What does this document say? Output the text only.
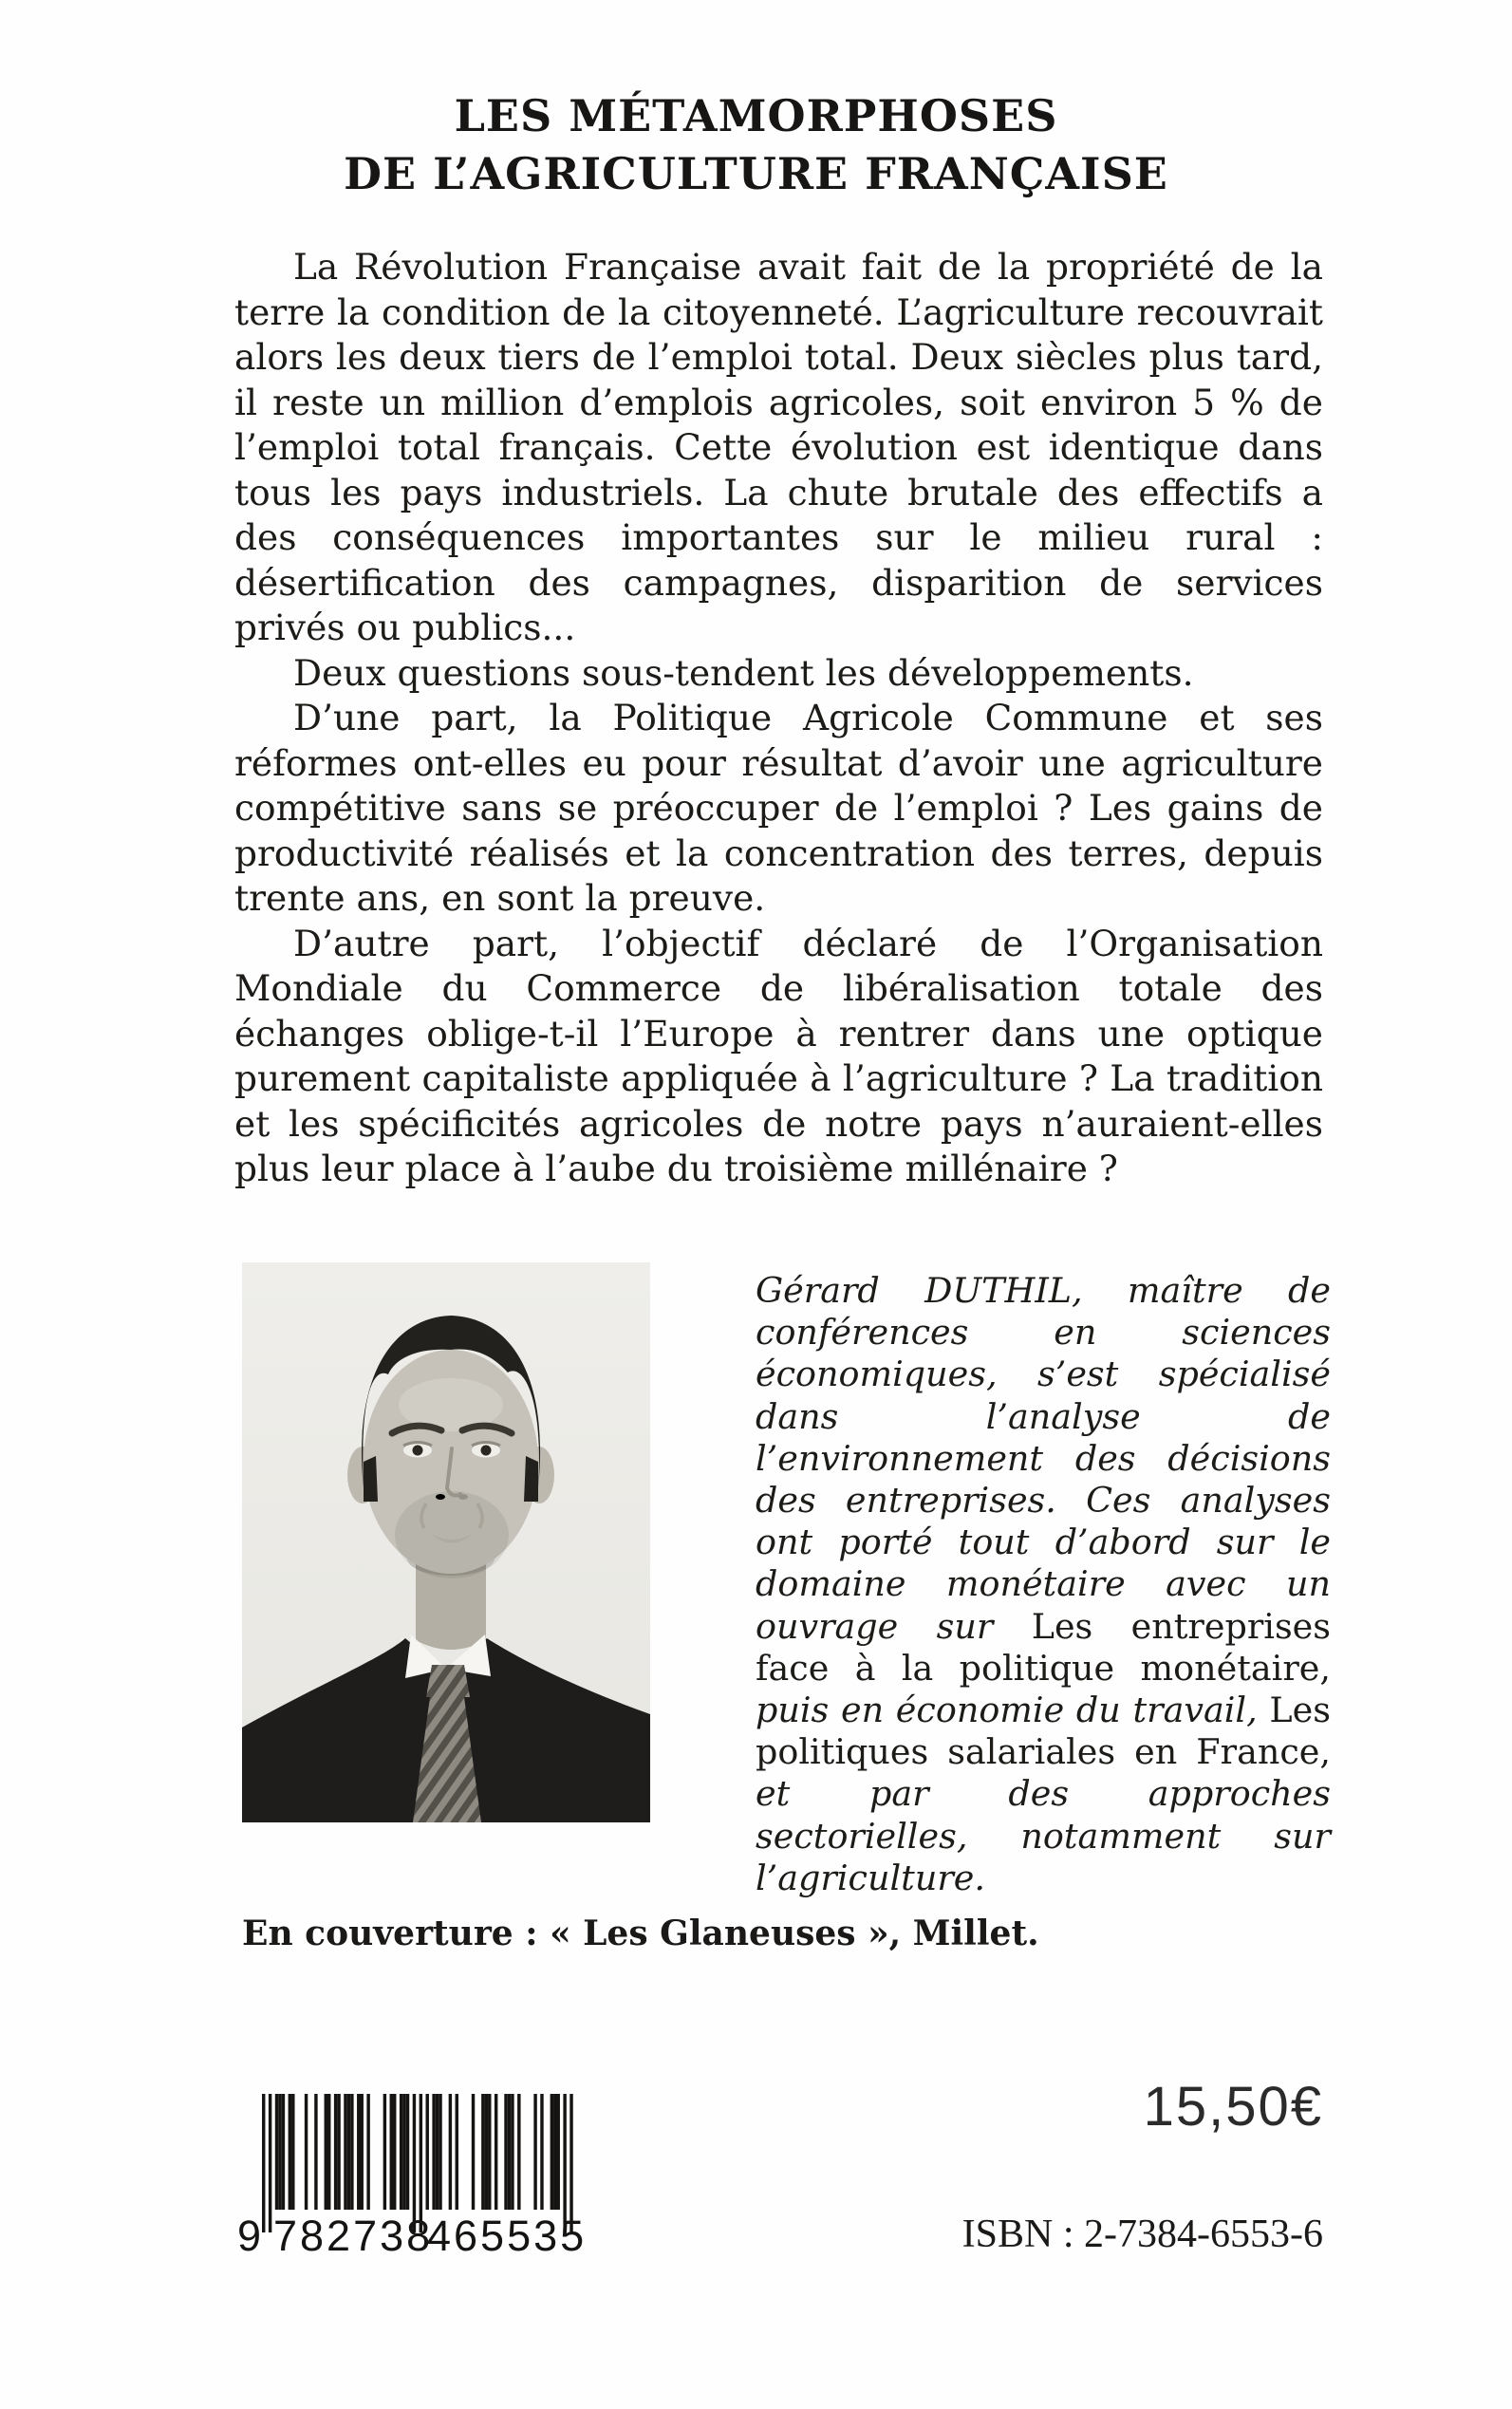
LES MÉTAMORPHOSES
DE L’AGRICULTURE FRANÇAISE

La Révolution Française avait fait de la propriété de la terre la condition de la citoyenneté. L’agriculture recouvrait alors les deux tiers de l’emploi total. Deux siècles plus tard, il reste un million d’emplois agricoles, soit environ 5 % de l’emploi total français. Cette évolution est identique dans tous les pays industriels. La chute brutale des effectifs a des conséquences importantes sur le milieu rural : désertification des campagnes, disparition de services privés ou publics...

Deux questions sous-tendent les développements.

D’une part, la Politique Agricole Commune et ses réformes ont-elles eu pour résultat d’avoir une agriculture compétitive sans se préoccuper de l’emploi ? Les gains de productivité réalisés et la concentration des terres, depuis trente ans, en sont la preuve.

D’autre part, l’objectif déclaré de l’Organisation Mondiale du Commerce de libéralisation totale des échanges oblige-t-il l’Europe à rentrer dans une optique purement capitaliste appliquée à l’agriculture ? La tradition et les spécificités agricoles de notre pays n’auraient-elles plus leur place à l’aube du troisième millénaire ?

Gérard DUTHIL, maître de conférences en sciences économiques, s’est spécialisé dans l’analyse de l’environnement des décisions des entreprises. Ces analyses ont porté tout d’abord sur le domaine monétaire avec un ouvrage sur Les entreprises face à la politique monétaire, puis en économie du travail, Les politiques salariales en France, et par des approches sectorielles, notamment sur l’agriculture.

En couverture : « Les Glaneuses », Millet.

9 782738
465535
15,50€
ISBN : 2-7384-6553-6
